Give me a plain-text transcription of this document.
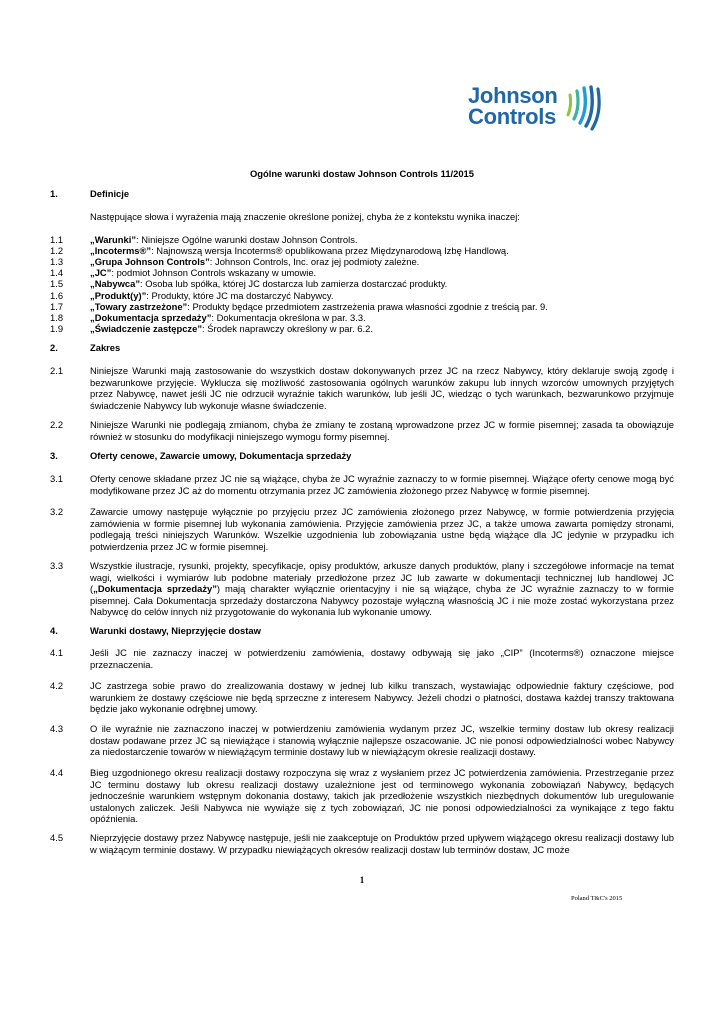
Johnson
Controls
Ogólne warunki dostaw Johnson Controls 11/2015
1.	Definicje
Następujące słowa i wyrażenia mają znaczenie określone poniżej, chyba że z kontekstu wynika inaczej:
1.1	„Warunki”: Niniejsze Ogólne warunki dostaw Johnson Controls.
1.2	„Incoterms®”: Najnowszą wersja Incoterms® opublikowana przez Międzynarodową Izbę Handlową.
1.3	„Grupa Johnson Controls”: Johnson Controls, Inc. oraz jej podmioty zależne.
1.4	„JC”: podmiot Johnson Controls wskazany w umowie.
1.5	„Nabywca”: Osoba lub spółka, której JC dostarcza lub zamierza dostarczać produkty.
1.6	„Produkt(y)”: Produkty, które JC ma dostarczyć Nabywcy.
1.7	„Towary zastrzeżone”: Produkty będące przedmiotem zastrzeżenia prawa własności zgodnie z treścią par. 9.
1.8	„Dokumentacja sprzedaży”: Dokumentacja określona w par. 3.3.
1.9	„Świadczenie zastępcze”: Środek naprawczy określony w par. 6.2.
2.	Zakres
2.1	Niniejsze Warunki mają zastosowanie do wszystkich dostaw dokonywanych przez JC na rzecz Nabywcy, który deklaruje swoją zgodę i bezwarunkowe przyjęcie. Wyklucza się możliwość zastosowania ogólnych warunków zakupu lub innych wzorców umownych przyjętych przez Nabywcę, nawet jeśli JC nie odrzucił wyraźnie takich warunków, lub jeśli JC, wiedząc o tych warunkach, bezwarunkowo przyjmuje świadczenie Nabywcy lub wykonuje własne świadczenie.
2.2	Niniejsze Warunki nie podlegają zmianom, chyba że zmiany te zostaną wprowadzone przez JC w formie pisemnej; zasada ta obowiązuje również w stosunku do modyfikacji niniejszego wymogu formy pisemnej.
3.	Oferty cenowe, Zawarcie umowy, Dokumentacja sprzedaży
3.1	Oferty cenowe składane przez JC nie są wiążące, chyba że JC wyraźnie zaznaczy to w formie pisemnej. Wiążące oferty cenowe mogą być modyfikowane przez JC aż do momentu otrzymania przez JC zamówienia złożonego przez Nabywcę w formie pisemnej.
3.2	Zawarcie umowy następuje wyłącznie po przyjęciu przez JC zamówienia złożonego przez Nabywcę, w formie potwierdzenia przyjęcia zamówienia w formie pisemnej lub wykonania zamówienia. Przyjęcie zamówienia przez JC, a także umowa zawarta pomiędzy stronami, podlegają treści niniejszych Warunków. Wszelkie uzgodnienia lub zobowiązania ustne będą wiążące dla JC jedynie w przypadku ich potwierdzenia przez JC w formie pisemnej.
3.3	Wszystkie ilustracje, rysunki, projekty, specyfikacje, opisy produktów, arkusze danych produktów, plany i szczegółowe informacje na temat wagi, wielkości i wymiarów lub podobne materiały przedłożone przez JC lub zawarte w dokumentacji technicznej lub handlowej JC („Dokumentacja sprzedaży”) mają charakter wyłącznie orientacyjny i nie są wiążące, chyba że JC wyraźnie zaznaczy to w formie pisemnej. Cała Dokumentacja sprzedaży dostarczona Nabywcy pozostaje wyłączną własnością JC i nie może zostać wykorzystana przez Nabywcę do celów innych niż przygotowanie do wykonania lub wykonanie umowy.
4.	Warunki dostawy, Nieprzyjęcie dostaw
4.1	Jeśli JC nie zaznaczy inaczej w potwierdzeniu zamówienia, dostawy odbywają się jako „CIP” (Incoterms®) oznaczone miejsce przeznaczenia.
4.2	JC zastrzega sobie prawo do zrealizowania dostawy w jednej lub kilku transzach, wystawiając odpowiednie faktury częściowe, pod warunkiem że dostawy częściowe nie będą sprzeczne z interesem Nabywcy. Jeżeli chodzi o płatności, dostawa każdej transzy traktowana będzie jako wykonanie odrębnej umowy.
4.3	O ile wyraźnie nie zaznaczono inaczej w potwierdzeniu zamówienia wydanym przez JC, wszelkie terminy dostaw lub okresy realizacji dostaw podawane przez JC są niewiążące i stanowią wyłącznie najlepsze oszacowanie. JC nie ponosi odpowiedzialności wobec Nabywcy za niedostarczenie towarów w niewiążącym terminie dostawy lub w niewiążącym okresie realizacji dostawy.
4.4	Bieg uzgodnionego okresu realizacji dostawy rozpoczyna się wraz z wysłaniem przez JC potwierdzenia zamówienia. Przestrzeganie przez JC terminu dostawy lub okresu realizacji dostawy uzależnione jest od terminowego wykonania zobowiązań Nabywcy, będących jednocześnie warunkiem wstępnym dokonania dostawy, takich jak przedłożenie wszystkich niezbędnych dokumentów lub uregulowanie ustalonych zaliczek. Jeśli Nabywca nie wywiąże się z tych zobowiązań, JC nie ponosi odpowiedzialności za wynikające z tego faktu opóźnienia.
4.5	Nieprzyjęcie dostawy przez Nabywcę następuje, jeśli nie zaakceptuje on Produktów przed upływem wiążącego okresu realizacji dostawy lub w wiążącym terminie dostawy. W przypadku niewiążących okresów realizacji dostaw lub terminów dostaw, JC może
1
Poland T&C's 2015
